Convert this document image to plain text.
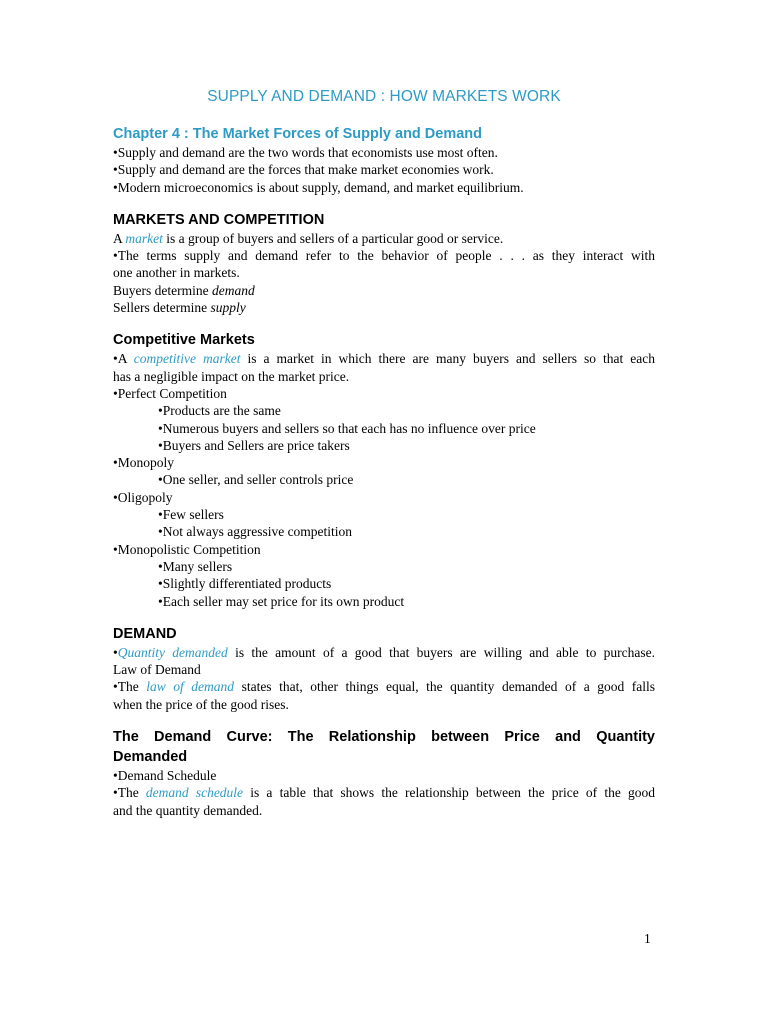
SUPPLY AND DEMAND : HOW MARKETS WORK
Chapter 4 : The Market Forces of Supply and Demand
•Supply and demand are the two words that economists use most often.
•Supply and demand are the forces that make market economies work.
•Modern microeconomics is about supply, demand, and market equilibrium.
MARKETS AND COMPETITION
A market is a group of buyers and sellers of a particular good or service.
•The terms supply and demand refer to the behavior of people . . . as they interact with
one another in markets.
Buyers determine demand
Sellers determine supply
Competitive Markets
•A competitive market is a market in which there are many buyers and sellers so that each
has a negligible impact on the market price.
•Perfect Competition
•Products are the same
•Numerous buyers and sellers so that each has no influence over price
•Buyers and Sellers are price takers
•Monopoly
•One seller, and seller controls price
•Oligopoly
•Few sellers
•Not always aggressive competition
•Monopolistic Competition
•Many sellers
•Slightly differentiated products
•Each seller may set price for its own product
DEMAND
•Quantity demanded is the amount of a good that buyers are willing and able to purchase.
Law of Demand
•The law of demand states that, other things equal, the quantity demanded of a good falls
when the price of the good rises.
The Demand Curve: The Relationship between Price and Quantity
Demanded
•Demand Schedule
•The demand schedule is a table that shows the relationship between the price of the good
and the quantity demanded.
1
